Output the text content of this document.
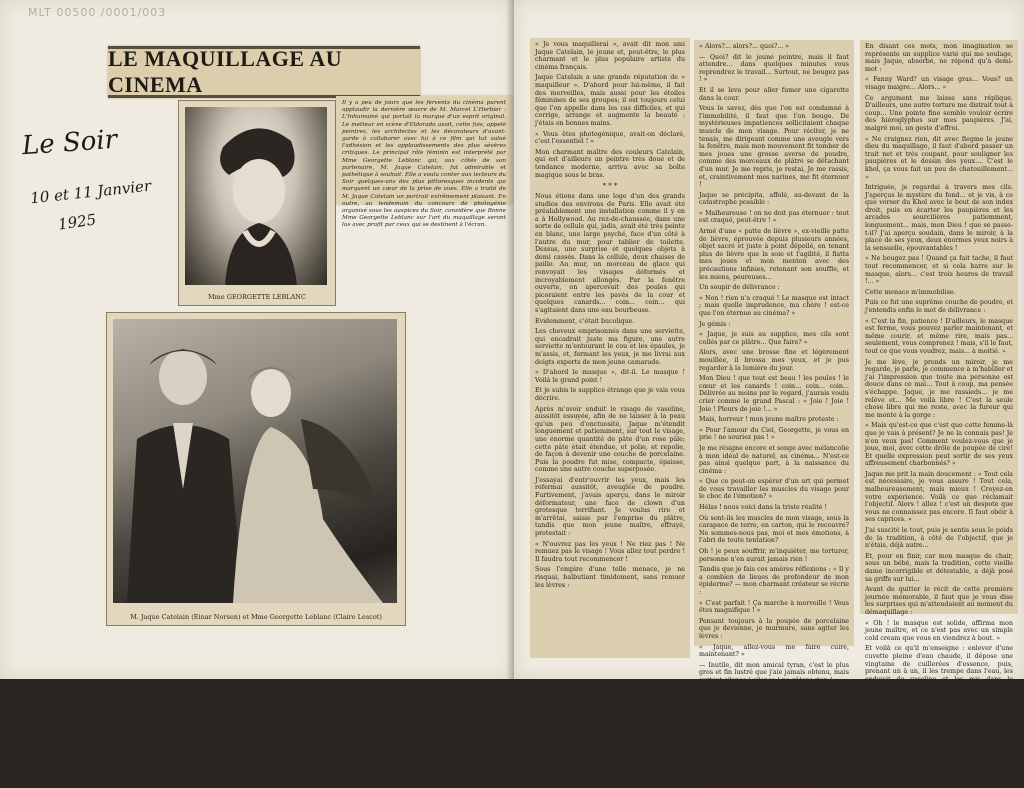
MLT 00500 /0001/003
Le Soir
10 et 11 Janvier
1925
LE MAQUILLAGE AU CINEMA

Il y a peu de jours que les fervents du cinéma purent applaudir la dernière œuvre de M. Marcel L'Herbier : L'Inhumaine qui portait la marque d'un esprit original. Le metteur en scène d'Eldorado avait, cette fois, appelé peintres, les architectes et les décorateurs d'avant-garde à collaborer avec lui à ce film qui tut salué l'adhésion et les applaudissements des plus sévères critiques. Le principal rôle féminin est interprété par Mme Georgette Leblanc qui, aux côtés de son partenaire, M. Jaque Catelain, fut admirable et pathétique à souhait. Elle a voulu conter aux lecteurs du Soir quelques-uns des plus pittoresques incidents qui marquent un cœur de la prise de vues. Elle a traité de M. Jaque Catelain un portrait extrêmement plaisant. En outre, au lendemain du concours de photogénie organisé sous les auspices du Soir, considère que Bonne Mme Georgette Leblanc sur l'art du maquillage seront lus avec profit par ceux qui se destinent à l'écran.

Mme GEORGETTE LEBLANC
M. Jaque Catelain (Einar Norsen) et Mme Georgette Leblanc (Claire Lescot)

« Je vous maquillerai », avait dit mon ami Jaque Catelain, le jeune et, peut-être, le plus charmant et le plus populaire artiste du cinéma français.

Jaque Catelain a une grande réputation de « maquilleur ». D'abord pour lui-même, il fait des merveilles, mais aussi pour les étoiles féminines de ses groupes; il est toujours celui que l'on appelle dans les cas difficiles, et qui corrige, arrange et augmente la beauté : j'étais en bonnes mains.

« Vous êtes photogénique, avait-on déclaré, c'est l'essentiel ! »

Mon charmant maître des couleurs Catelain, qui est d'ailleurs un peintre très doué et de tendance moderne, arriva avec sa boîte magique sous le bras.

* * *

Nous étions dans une loge d'un des grands studios des environs de Paris. Elle avait été préalablement une installation comme il y en a à Hollywood. Au rez-de-chaussée, dans une sorte de cellule qui, jadis, avait été très peinte en blanc, une large psyché, face d'un côté à l'autre du mur, pour tablier de toilette. Dessus, une surprise et quelques objets à demi cassés. Dans la cellule, deux chaises de paille. Au mur, un morceau de glace qui renvoyait les visages déformés et incroyablement allongés. Par la fenêtre ouverte, on apercevait des poules qui picoraient entre les pavés de la cour et quelques canards... coin... coin... qui s'agitaient dans une eau bourbeuse.

Evidemment, c'était bucolique.

Les cheveux emprisonnés dans une serviette, qui encadrait juste ma figure, une autre serviette m'entourant le cou et les épaules, je m'assis, et, fermant les yeux, je me livrai aux doigts experts de mon jeune camarade.

« D'abord le masque », dit-il. Le masque ! Voilà le grand point !

Et je subis le supplice étrange que je vais vous décrire.

Après m'avoir enduit le visage de vaseline, aussitôt essuyée, afin de ne laisser à la peau qu'un peu d'onctuosité, Jaque m'étendit longuement et patiemment, sur tout le visage, une énorme quantité de pâte d'un rose pâle; cette pâte était étendue, et polie, et repolie, de façon à devenir une couche de porcelaine. Puis la poudre fut mise, compacte, épaisse, comme une autre couche superposée.

J'essayai d'entr'ouvrir les yeux, mais les refermai aussitôt, aveuglée de poudre. Furtivement, j'avais aperçu, dans le miroir déformateur, une face de clown d'un grotesque terrifiant. Je voulus rire et m'arrêtai, saisie par l'emprise du plâtre, tandis que mon jeune maître, effrayé, protestait :

« N'ouvrez pas les yeux ! Ne riez pas ! Ne remuez pas le visage ! Vous allez tout perdre ! Il faudra tout recommencer !

Sous l'empire d'une telle menace, je ne risquai, balbutiant timidement, sans remuer les lèvres :

« Alors?... alors?... quoi?... »

— Quoi? dit le jeune peintre, mais il faut attendre... dans quelques minutes vous reprendrez le travail... Surtout, ne bougez pas ! »

Et il se leva pour aller fumer une cigarette dans la cour.

Vous le savez, dès que l'on est condamné à l'immobilité, il faut que l'on bouge. De mystérieuses impatiences sollicitaient chaque muscle de mon visage. Pour réciter, je ne tenais, me dirigeant comme une aveugle vers la fenêtre, mais mon mouvement fit tomber de mes joues une grosse averse de poudre, comme des morceaux de plâtre se détachant d'un mur. Je me repris, je restai, Je me rassis, et, craintivement mes narines, me fit éternuer !

Jaque se précipita, affolé, au-devant de la catastrophe possible :

« Malheureuse ! on ne doit pas éternuer : tout est craqué, peut-être ! »

Armé d'une « patte de lièvre », ex-vieille patte de lièvre, éprouvée depuis plusieurs années, objet sacré et juste à point dépoilé, en tenant plus de lièvre que la soie et l'agilité, il flatta mes joues et mon menton avec des précautions infinies, retenant son souffle, et les miens, peureuses...

Un soupir de délivrance :

« Non ! rien n'a craqué ! Le masque est intact ; mais quelle imprudence, ma chère ! est-ce que l'on éternue au cinéma? »

Je gémis :

« Jaque, je suis au supplice, mes cils sont collés par ce plâtre... Que faire? »

Alors, avec une brosse fine et légèrement mouillée, il brossa mes yeux, et je pus regarder à la lumière du jour.

Mon Dieu ! que tout est beau ! les poules ! le cœur et les canards ! coin... coin... coin... Délivrée au moins par le regard, j'aurais voulu crier comme le grand Pascal : « Joie ! Joie ! Joie ! Pleurs de joie !... »

Mais, horreur ! mon jeune maître proteste :

« Pour l'amour du Ciel, Georgette, je vous en prie ! ne souriez pas ! »

Je me résigne encore et songe avec mélancolie à mon idéal de naturel, au cinéma... N'est-ce pas ainsi quelque part, à la naissance du cinéma :

« Que ce peut-on espérer d'un art qui permet de vous travailler les muscles du visage pour le choc de l'émotion? »

Hélas ! nous voici dans la triste réalité !

Où sont-ils les muscles de mon visage, sous la carapace de terre, en carton, qui le recouvre? Ne sommes-nous pas, moi et mes émotions, à l'abri de toute tentation?

Oh ! je peux souffrir, m'inquiéter, me torturer, personne n'en aurait jamais rien !

Tandis que je fais ces amères réflexions : « Il y a combien de lieues de profondeur de mon épiderme? — mon charmant créateur se récrie :

« C'est parfait ! Ça marche à merveille ! Vous êtes magnifique ! »

Pensant toujours à la poupée de porcelaine que je devienne, je murmure, sans agiter les lèvres :

« Jaque, allez-vous me faire cuire, maintenant? »

— Inutile, dit mon amical tyran, c'est le plus gros et fin lustré que j'aie jamais obtenu, mais surtout silence ! silence ! ne gâtons rien ! »

Je me rassure, je me souviens des récits que l'on m'a faits, quand la délicieuse Fanny Ward est venue tourner à Paris.

« Elle était plus que maquillée, disait-on, elle était réellement camouflée ! Un morceau visible, des joues jaunes, des maxillaires ocre, et le coin de ses lèvres de rouge, de bleu !

Je tentai de m'expliquer comme un ventriloque :

« Jaque, vous savez que Fanny Ward employait des couleurs différentes... Pourquoi ne mettez-vous pas du rouge, du bleu, du vert? »

En disant ces mots, mon imagination se représente un supplice varié qui me soulage, mais Jaque, absorbé, ne répond qu'à demi-mot :

« Fanny Ward? un visage gras... Vous? un visage maigre... Alors... »

Ce argument me laisse sans réplique. D'ailleurs, une autre torture me distrait tout à coup... Une pointe fine semble vouloir écrire des hiéroglyphes sur mes paupières. J'ai, malgré moi, un geste d'effroi.

« Ne craignez rien, dit avec flegme le jeune dieu du maquillage, il faut d'abord passer un trait net et très coupant, pour souligner les paupières et le dessin des yeux.... C'est le khol, ça vous fait un peu de chatouillement... »

Intriguée, je regardai à travers mes cils. J'aperçus le mystère du fond... et je vis, à ce que verser du Khol avec le bout de son index droit, puis en écarter les paupières et les arcades sourcilières patiemment, longuement... mais, mon Dieu ! que se passe-t-il? J'ai aperçu soudain, dans le miroir, à la place de ses yeux, deux énormes yeux noirs à la sensuelle, épouvantables !

« Ne bougez pas ! Quand ça fait tache, il faut tout recommencer, et si cela barre sur le masque, alors... c'est trois heures de travail !... »

Cette menace m'immobilise.

Puis ce fut une suprême couche de poudre, et j'entendis enfin le mot de délivrance :

« C'est la fin, patience ! D'ailleurs, le masque est ferme, vous pouvez parler maintenant, et même courir, et même rire, mais pas... seulement, vous comprenez ! mais, s'il le faut, tout ce que vous voudrez, mais... à moitié. »

Je me lève, je prends un miroir, je me regarde, je parle, je commence à m'habiller et j'ai l'impression que toute ma personne est douce dans ce mai... Tout à coup, ma pensée s'échappe. Jaque, je me rassieds... je me relève et... Me voilà libre ! C'est la seule chose libre qui me reste, avec la fureur qui me monte à la gorge :

« Mais qu'est-ce que c'est que cette femme-là que je vais à présent? Je ne la connais pas! Je n'en veux pas! Comment voulez-vous que je joue, moi, avec cette drôle de poupée de cire! Et quelle expression peut sortir de ses yeux affreusement charbonnés? »

Jaque me prit la main doucement : « Tout cela est nécessaire, je vous assure ! Tout cela, malheureusement, mais mieux ! Croyez-en votre expérience. Voilà ce que réclamait l'objectif. Alors ! allez ! c'est un despote que vous ne connaissez pas encore. Il faut obéir à ses caprices. »

J'ai suscité le tout, puis je sentis sous le poids de la tradition, à côté de l'objectif, que je n'étais, déjà autre...

Et, pour en finir, car mon masque de chair, sous un bébé, mais la tradition, cette vieille dame incorrigible et détestable, a déjà posé sa griffe sur lui...

Avant de quitter le récit de cette première journée mémorable, il faut que je vous dise les surprises qui m'attendaient au moment du démaquillage :

« Oh ! le masque est solide, affirma mon jeune maître, et ce n'est pas avec un simple cold cream que vous en viendrez à bout. »

Et voilà ce qu'il m'enseigne : enlever d'une cuvette pleine d'eau chaude, il dépose une vingtaine de cuillerées d'essence, puis, prenant un à un, il les trempe dans l'eau, les enduisit de vaseline et les mis dans le mouchoir, les nombreux des morceaux de savon humide. Les petites morceaux d'ouate trempés délicatement ressemblaient. Le masque qu'elles aborbaient la pâte, je me jetai sur mon visage et pus voir!

« Certes, le nettoyage est terrible, conclut mon charmant ami, en faisant ces premières expériences, mais vous vous ferez à tout cela ! bientôt, vous n'y penserez plus. »

Je ne puis pourtant pas affirmer qu'il n'ait un peu crispé les nerfs de la jeune étoile !

(La fin à demain.) Georgette LEBLANC.
